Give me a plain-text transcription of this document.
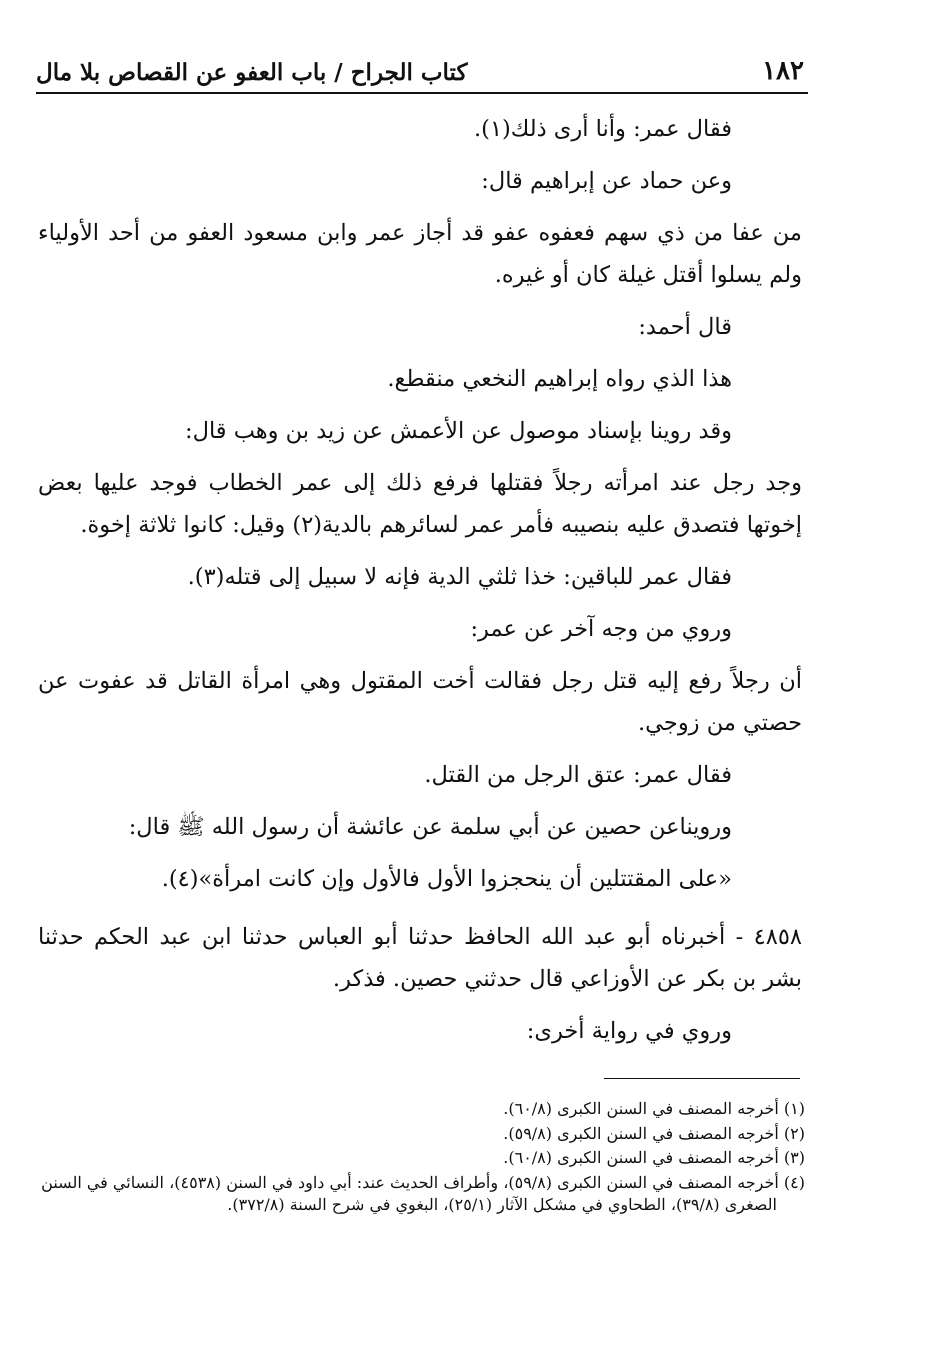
كتاب الجراح / باب العفو عن القصاص بلا مال	١٨٢

فقال عمر: وأنا أرى ذلك(١).

وعن حماد عن إبراهيم قال:

من عفا من ذي سهم فعفوه عفو قد أجاز عمر وابن مسعود العفو من أحد الأولياء ولم يسلوا أقتل غيلة كان أو غيره.

قال أحمد:

هذا الذي رواه إبراهيم النخعي منقطع.

وقد روينا بإسناد موصول عن الأعمش عن زيد بن وهب قال:

وجد رجل عند امرأته رجلاً فقتلها فرفع ذلك إلى عمر الخطاب فوجد عليها بعض إخوتها فتصدق عليه بنصيبه فأمر عمر لسائرهم بالدية(٢) وقيل: كانوا ثلاثة إخوة.

فقال عمر للباقين: خذا ثلثي الدية فإنه لا سبيل إلى قتله(٣).

وروي من وجه آخر عن عمر:

أن رجلاً رفع إليه قتل رجل فقالت أخت المقتول وهي امرأة القاتل قد عفوت عن حصتي من زوجي.

فقال عمر: عتق الرجل من القتل.

ورويناعن حصين عن أبي سلمة عن عائشة أن رسول الله ﷺ قال:

«على المقتتلين أن ينحجزوا الأول فالأول وإن كانت امرأة»(٤).

٤٨٥٨ - أخبرناه أبو عبد الله الحافظ حدثنا أبو العباس حدثنا ابن عبد الحكم حدثنا بشر بن بكر عن الأوزاعي قال حدثني حصين. فذكر.

وروي في رواية أخرى:

(١) أخرجه المصنف في السنن الكبرى (٦٠/٨).

(٢) أخرجه المصنف في السنن الكبرى (٥٩/٨).

(٣) أخرجه المصنف في السنن الكبرى (٦٠/٨).

(٤) أخرجه المصنف في السنن الكبرى (٥٩/٨)، وأطراف الحديث عند: أبي داود في السنن (٤٥٣٨)، النسائي في السنن الصغرى (٣٩/٨)، الطحاوي في مشكل الآثار (٢٥/١)، البغوي في شرح السنة (٣٧٢/٨).
